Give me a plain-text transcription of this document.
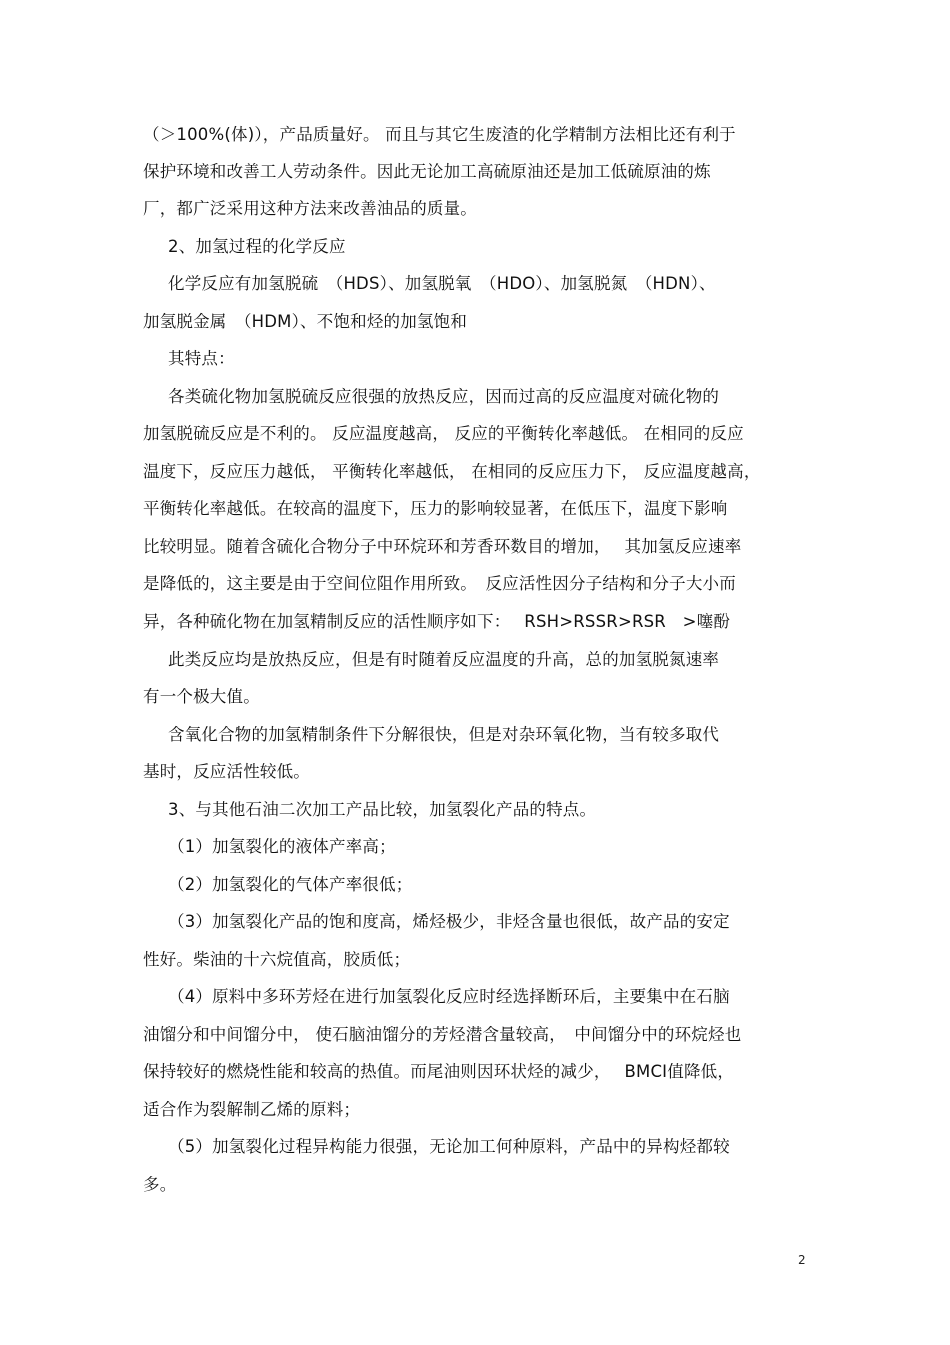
（＞100%(体)），产品质量好。 而且与其它生废渣的化学精制方法相比还有利于
保护环境和改善工人劳动条件。因此无论加工高硫原油还是加工低硫原油的炼
厂，都广泛采用这种方法来改善油品的质量。
2、加氢过程的化学反应
化学反应有加氢脱硫　（HDS）、加氢脱氧　（HDO）、加氢脱氮　（HDN）、
加氢脱金属　（HDM）、不饱和烃的加氢饱和
其特点：
各类硫化物加氢脱硫反应很强的放热反应，因而过高的反应温度对硫化物的
加氢脱硫反应是不利的。 反应温度越高， 反应的平衡转化率越低。 在相同的反应
温度下，反应压力越低， 平衡转化率越低， 在相同的反应压力下， 反应温度越高，
平衡转化率越低。在较高的温度下，压力的影响较显著，在低压下，温度下影响
比较明显。随着含硫化合物分子中环烷环和芳香环数目的增加，　 其加氢反应速率
是降低的，这主要是由于空间位阻作用所致。　反应活性因分子结构和分子大小而
异，各种硫化物在加氢精制反应的活性顺序如下：　 RSH>RSSR>RSR　>噻酚
此类反应均是放热反应，但是有时随着反应温度的升高，总的加氢脱氮速率
有一个极大值。
含氧化合物的加氢精制条件下分解很快，但是对杂环氧化物，当有较多取代
基时，反应活性较低。
3、与其他石油二次加工产品比较，加氢裂化产品的特点。
（1）加氢裂化的液体产率高；
（2）加氢裂化的气体产率很低；
（3）加氢裂化产品的饱和度高，烯烃极少，非烃含量也很低，故产品的安定
性好。柴油的十六烷值高，胶质低；
（4）原料中多环芳烃在进行加氢裂化反应时经选择断环后，主要集中在石脑
油馏分和中间馏分中， 使石脑油馏分的芳烃潜含量较高，　中间馏分中的环烷烃也
保持较好的燃烧性能和较高的热值。而尾油则因环状烃的减少，　 BMCI值降低，
适合作为裂解制乙烯的原料；
（5）加氢裂化过程异构能力很强，无论加工何种原料，产品中的异构烃都较
多。
2
